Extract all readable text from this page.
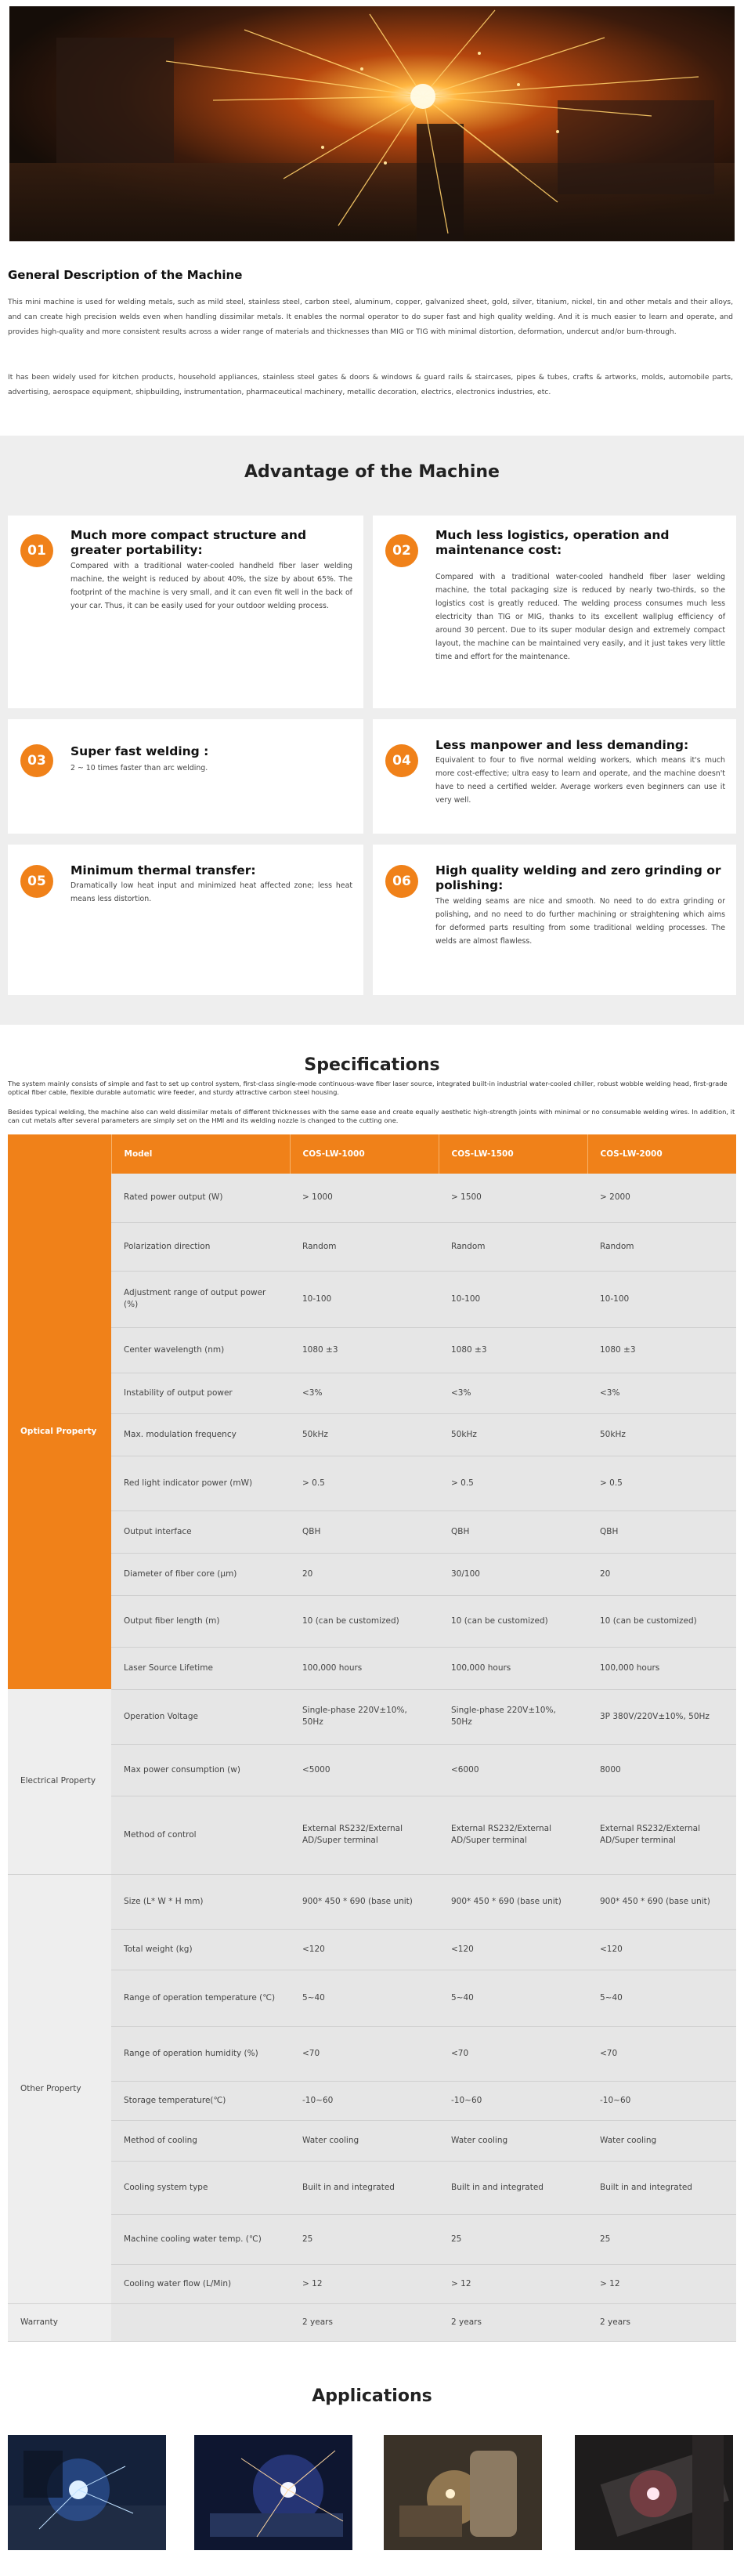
General Description of the Machine

This mini machine is used for welding metals, such as mild steel, stainless steel, carbon steel, aluminum, copper, galvanized sheet, gold, silver, titanium, nickel, tin and other metals and their alloys, and can create high precision welds even when handling dissimilar metals. It enables the normal operator to do super fast and high quality welding. And it is much easier to learn and operate, and provides high-quality and more consistent results across a wider range of materials and thicknesses than MIG or TIG with minimal distortion, deformation, undercut and/or burn-through.

It has been widely used for kitchen products, household appliances, stainless steel gates & doors & windows & guard rails & staircases, pipes & tubes, crafts & artworks, molds, automobile parts, advertising, aerospace equipment, shipbuilding, instrumentation, pharmaceutical machinery, metallic decoration, electrics, electronics industries, etc.

Advantage of the Machine
01
Much more compact structure and greater portability:

Compared with a traditional water-cooled handheld fiber laser welding machine, the weight is reduced by about 40%, the size by about 65%. The footprint of the machine is very small, and it can even fit well in the back of your car. Thus, it can be easily used for your outdoor welding process.

02
Much less logistics, operation and maintenance cost:

Compared with a traditional water-cooled handheld fiber laser welding machine, the total packaging size is reduced by nearly two-thirds, so the logistics cost is greatly reduced. The welding process consumes much less electricity than TIG or MIG, thanks to its excellent wallplug efficiency of around 30 percent. Due to its super modular design and extremely compact layout, the machine can be maintained very easily, and it just takes very little time and effort for the maintenance.

03
Super fast welding :

2 ~ 10 times faster than arc welding.	04
Less manpower and less demanding:

Equivalent to four to five normal welding workers, which means it's much more cost-effective; ultra easy to learn and operate, and the machine doesn't have to need a certified welder. Average workers even beginners can use it very well.

05
Minimum thermal transfer:

Dramatically low heat input and minimized heat affected zone; less heat means less distortion.

06
High quality welding and zero grinding or polishing:

The welding seams are nice and smooth. No need to do extra grinding or polishing, and no need to do further machining or straightening which aims for deformed parts resulting from some traditional welding processes. The welds are almost flawless.

Specifications

The system mainly consists of simple and fast to set up control system, first-class single-mode continuous-wave fiber laser source, integrated built-in industrial water-cooled chiller, robust wobble welding head, first-grade optical fiber cable, flexible durable automatic wire feeder, and sturdy attractive carbon steel housing.

Besides typical welding, the machine also can weld dissimilar metals of different thicknesses with the same ease and create equally aesthetic high-strength joints with minimal or no consumable welding wires. In addition, it can cut metals after several parameters are simply set on the HMI and its welding nozzle is changed to the cutting one.

	Model	COS-LW-1000	COS-LW-1500	COS-LW-2000
Optical Property	Rated power output (W)	> 1000	> 1500	> 2000
	Polarization direction	Random	Random	Random
	Adjustment range of output power (%)	10-100	10-100	10-100
	Center wavelength (nm)	1080 ±3	1080 ±3	1080 ±3
	Instability of output power	<3%	<3%	<3%
	Max. modulation frequency	50kHz	50kHz	50kHz
	Red light indicator power (mW)	> 0.5	> 0.5	> 0.5
	Output interface	QBH	QBH	QBH
	Diameter of fiber core (μm)	20	30/100	20
	Output fiber length (m)	10 (can be customized)	10 (can be customized)	10 (can be customized)
	Laser Source Lifetime	100,000 hours	100,000 hours	100,000 hours
Electrical Property	Operation Voltage	Single-phase 220V±10%, 50Hz	Single-phase 220V±10%, 50Hz	3P 380V/220V±10%, 50Hz
	Max power consumption (w)	<5000	<6000	8000
	Method of control	External RS232/External AD/Super terminal	External RS232/External AD/Super terminal	External RS232/External AD/Super terminal
Other Property	Size (L* W * H mm)	900* 450 * 690 (base unit)	900* 450 * 690 (base unit)	900* 450 * 690 (base unit)
	Total weight (kg)	<120	<120	<120
	Range of operation temperature (℃)	5~40	5~40	5~40
	Range of operation humidity (%)	<70	<70	<70
	Storage temperature(℃)	-10~60	-10~60	-10~60
	Method of cooling	Water cooling	Water cooling	Water cooling
	Cooling system type	Built in and integrated	Built in and integrated	Built in and integrated
	Machine cooling water temp. (℃)	25	25	25
	Cooling water flow (L/Min)	> 12	> 12	> 12
Warranty		2 years	2 years	2 years
Applications
